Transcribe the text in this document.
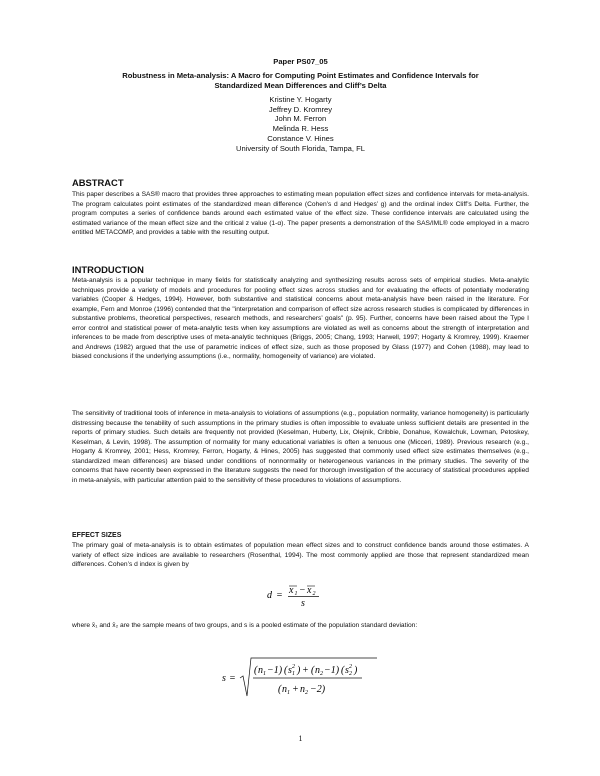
Paper PS07_05
Robustness in Meta-analysis: A Macro for Computing Point Estimates and Confidence Intervals for
Standardized Mean Differences and Cliff’s Delta
Kristine Y. Hogarty
Jeffrey D. Kromrey
John M. Ferron
Melinda R. Hess
Constance V. Hines
University of South Florida, Tampa, FL
ABSTRACT

This paper describes a SAS® macro that provides three approaches to estimating mean population effect sizes and confidence intervals for meta-analysis. The program calculates point estimates of the standardized mean difference (Cohen’s d and Hedges’ g) and the ordinal index Cliff’s Delta. Further, the program computes a series of confidence bands around each estimated value of the effect size. These confidence intervals are calculated using the estimated variance of the mean effect size and the critical z value (1-α). The paper presents a demonstration of the SAS/IML® code employed in a macro entitled METACOMP, and provides a table with the resulting output.

INTRODUCTION

Meta-analysis is a popular technique in many fields for statistically analyzing and synthesizing results across sets of empirical studies. Meta-analytic techniques provide a variety of models and procedures for pooling effect sizes across studies and for evaluating the effects of potentially moderating variables (Cooper & Hedges, 1994). However, both substantive and statistical concerns about meta-analysis have been raised in the literature. For example, Fern and Monroe (1996) contended that the "interpretation and comparison of effect size across research studies is complicated by differences in substantive problems, theoretical perspectives, research methods, and researchers’ goals" (p. 95). Further, concerns have been raised about the Type I error control and statistical power of meta-analytic tests when key assumptions are violated as well as concerns about the strength of interpretation and inferences to be made from descriptive uses of meta-analytic techniques (Briggs, 2005; Chang, 1993; Harwell, 1997; Hogarty & Kromrey, 1999). Kraemer and Andrews (1982) argued that the use of parametric indices of effect size, such as those proposed by Glass (1977) and Cohen (1988), may lead to biased conclusions if the underlying assumptions (i.e., normality, homogeneity of variance) are violated.

The sensitivity of traditional tools of inference in meta-analysis to violations of assumptions (e.g., population normality, variance homogeneity) is particularly distressing because the tenability of such assumptions in the primary studies is often impossible to evaluate unless sufficient details are presented in the reports of primary studies. Such details are frequently not provided (Keselman, Huberty, Lix, Olejnik, Cribbie, Donahue, Kowalchuk, Lowman, Petoskey, Keselman, & Levin, 1998). The assumption of normality for many educational variables is often a tenuous one (Micceri, 1989). Previous research (e.g., Hogarty & Kromrey, 2001; Hess, Kromrey, Ferron, Hogarty, & Hines, 2005) has suggested that commonly used effect size estimates themselves (e.g., standardized mean differences) are biased under conditions of nonnormality or heterogeneous variances in the primary studies. The severity of the concerns that have recently been expressed in the literature suggests the need for thorough investigation of the accuracy of statistical procedures applied in meta-analysis, with particular attention paid to the sensitivity of these procedures to violations of assumptions.

EFFECT SIZES

The primary goal of meta-analysis is to obtain estimates of population mean effect sizes and to construct confidence bands around those estimates. A variety of effect size indices are available to researchers (Rosenthal, 1994). The most commonly applied are those that represent standardized mean differences. Cohen’s d index is given by

d = x 1 − x 2
s

where x̄₁ and x̄₂ are the sample means of two groups, and s is a pooled estimate of the population standard deviation:

s =
( n 1 −1) ( s 2
1 ) + ( n 2 −1) ( s 2
2 )
( n 1 + n 2 −2)
1
